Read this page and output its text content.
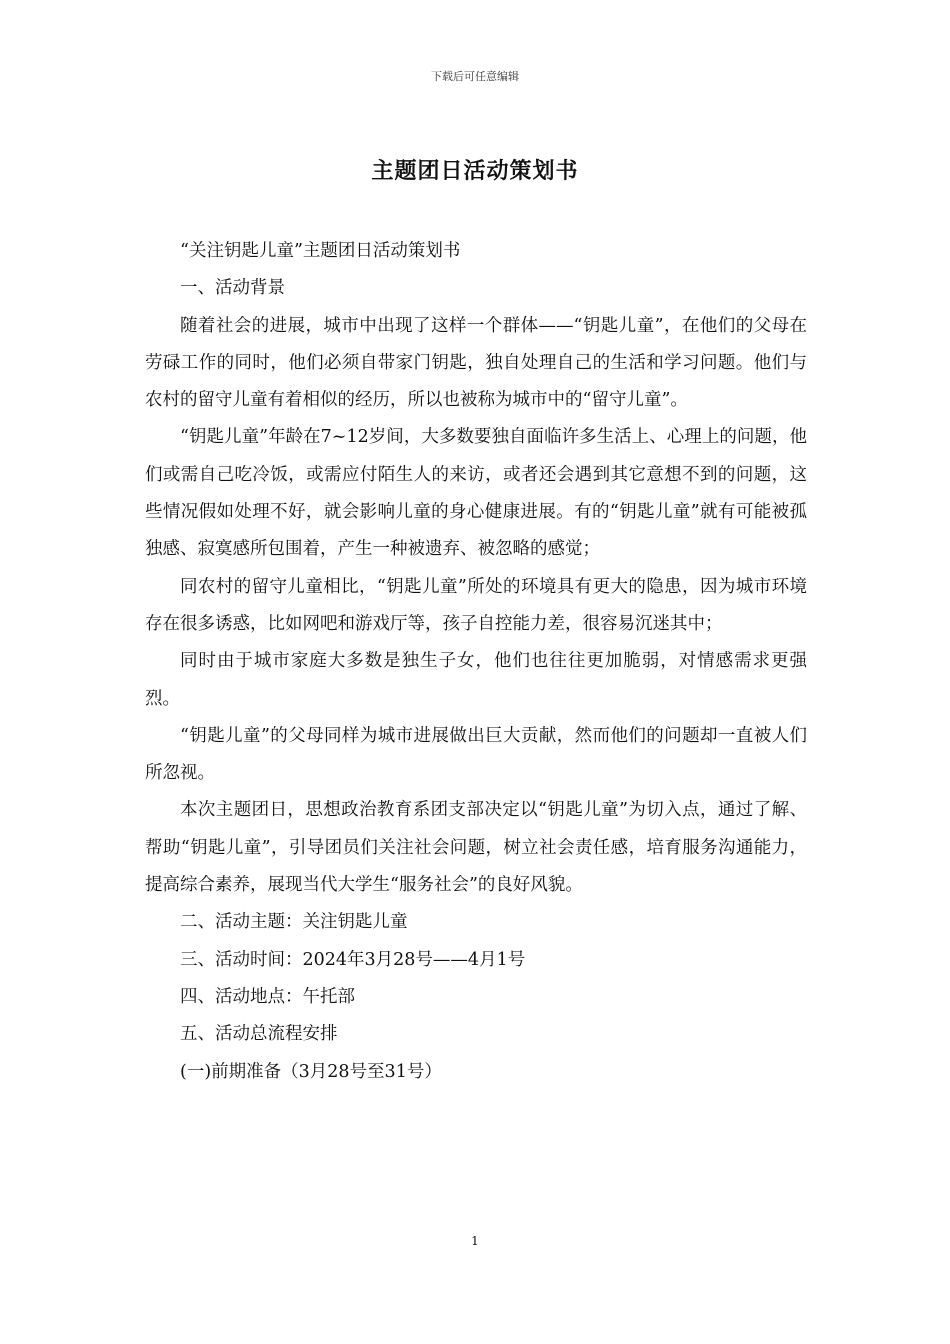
下载后可任意编辑
主题团日活动策划书

“关注钥匙儿童”主题团日活动策划书

一、活动背景

随着社会的进展，城市中出现了这样一个群体——“钥匙儿童”，在他们的父母在劳碌工作的同时，他们必须自带家门钥匙，独自处理自己的生活和学习问题。他们与农村的留守儿童有着相似的经历，所以也被称为城市中的“留守儿童”。

“钥匙儿童”年龄在7~12岁间，大多数要独自面临许多生活上、心理上的问题，他们或需自己吃冷饭，或需应付陌生人的来访，或者还会遇到其它意想不到的问题，这些情况假如处理不好，就会影响儿童的身心健康进展。有的“钥匙儿童”就有可能被孤独感、寂寞感所包围着，产生一种被遗弃、被忽略的感觉；

同农村的留守儿童相比，“钥匙儿童”所处的环境具有更大的隐患，因为城市环境存在很多诱惑，比如网吧和游戏厅等，孩子自控能力差，很容易沉迷其中；

同时由于城市家庭大多数是独生子女，他们也往往更加脆弱，对情感需求更强烈。

“钥匙儿童”的父母同样为城市进展做出巨大贡献，然而他们的问题却一直被人们所忽视。

本次主题团日，思想政治教育系团支部决定以“钥匙儿童”为切入点，通过了解、帮助“钥匙儿童”，引导团员们关注社会问题，树立社会责任感，培育服务沟通能力，提高综合素养，展现当代大学生“服务社会”的良好风貌。

二、活动主题：关注钥匙儿童

三、活动时间：2024年3月28号——4月1号

四、活动地点：午托部

五、活动总流程安排

(一)前期准备（3月28号至31号）

1
